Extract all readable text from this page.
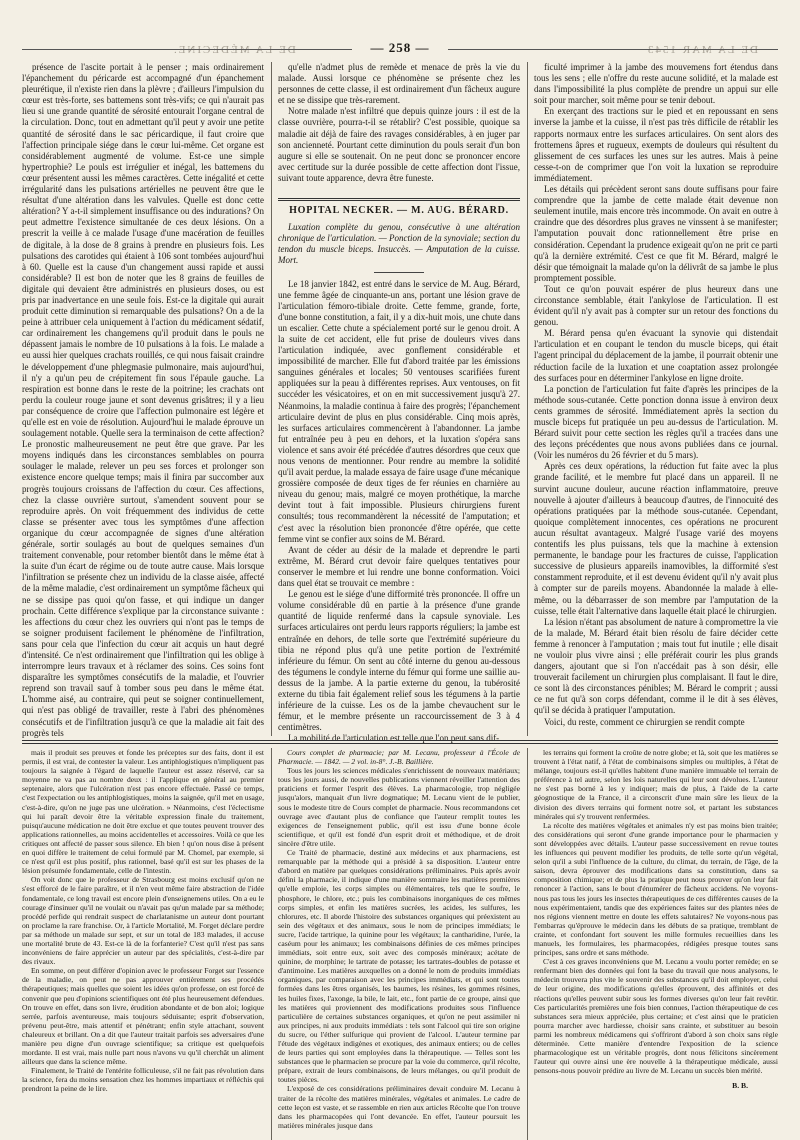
DE LA MÉDECINE.	DE LA MAR 1543
— 258 —

présence de l'ascite portait à le penser ; mais ordinairement l'épanchement du péricarde est accompagné d'un épanchement pleurétique, il n'existe rien dans la plèvre ; d'ailleurs l'impulsion du cœur est très-forte, ses battemens sont très-vifs; ce qui n'aurait pas lieu si une grande quantité de sérosité entourait l'organe central de la circulation. Donc, tout en admettant qu'il peut y avoir une petite quantité de sérosité dans le sac péricardique, il faut croire que l'affection principale siége dans le cœur lui-même. Cet organe est considérablement augmenté de volume. Est-ce une simple hypertrophie? Le pouls est irrégulier et inégal, les battemens du cœur présentent aussi les mêmes caractères. Cette inégalité et cette irrégularité dans les pulsations artérielles ne peuvent être que le résultat d'une altération dans les valvules. Quelle est donc cette altération? Y a-t-il simplement insuffisance ou des indurations? On peut admettre l'existence simultanée de ces deux lésions. On a prescrit la veille à ce malade l'usage d'une macération de feuilles de digitale, à la dose de 8 grains à prendre en plusieurs fois. Les pulsations des carotides qui étaient à 106 sont tombées aujourd'hui à 60. Quelle est la cause d'un changement aussi rapide et aussi considérable? Il est bon de noter que les 8 grains de feuilles de digitale qui devaient être administrés en plusieurs doses, ou est pris par inadvertance en une seule fois. Est-ce la digitale qui aurait produit cette diminution si remarquable des pulsations? On a de la peine à attribuer cela uniquement à l'action du médicament sédatif, car ordinairement les changemens qu'il produit dans le pouls ne dépassent jamais le nombre de 10 pulsations à la fois. Le malade a eu aussi hier quelques crachats rouillés, ce qui nous faisait craindre le développement d'une phlegmasie pulmonaire, mais aujourd'hui, il n'y a qu'un peu de crépitement fin sous l'épaule gauche. La respiration est bonne dans le reste de la poitrine; les crachats ont perdu la couleur rouge jaune et sont devenus grisâtres; il y a lieu par conséquence de croire que l'affection pulmonaire est légère et qu'elle est en voie de résolution. Aujourd'hui le malade éprouve un soulagement notable. Quelle sera la terminaison de cette affection? Le pronostic malheureusement ne peut être que grave. Par les moyens indiqués dans les circonstances semblables on pourra soulager le malade, relever un peu ses forces et prolonger son existence encore quelque temps; mais il finira par succomber aux progrès toujours croissans de l'affection du cœur. Ces affections, chez la classe ouvrière surtout, s'amendent souvent pour se reproduire après. On voit fréquemment des individus de cette classe se présenter avec tous les symptômes d'une affection organique du cœur accompagnée de signes d'une altération générale, sortir soulagés au bout de quelques semaines d'un traitement convenable, pour retomber bientôt dans le même état à la suite d'un écart de régime ou de toute autre cause. Mais lorsque l'infiltration se présente chez un individu de la classe aisée, affecté de la même maladie, c'est ordinairement un symptôme fâcheux qui ne se dissipe pas quoi qu'on fasse, et qui indique un danger prochain. Cette différence s'explique par la circonstance suivante : les affections du cœur chez les ouvriers qui n'ont pas le temps de se soigner produisent facilement le phénomène de l'infiltration, sans pour cela que l'infection du cœur ait acquis un haut degré d'intensité. Ce n'est ordinairement que l'infiltration qui les oblige à interrompre leurs travaux et à réclamer des soins. Ces soins font disparaître les symptômes consécutifs de la maladie, et l'ouvrier reprend son travail sauf à tomber sous peu dans le même état. L'homme aisé, au contraire, qui peut se soigner continuellement, qui n'est pas obligé de travailler, reste à l'abri des phénomènes consécutifs et de l'infiltration jusqu'à ce que la maladie ait fait des progrès tels

qu'elle n'admet plus de remède et menace de près la vie du malade. Aussi lorsque ce phénomène se présente chez les personnes de cette classe, il est ordinairement d'un fâcheux augure et ne se dissipe que très-rarement.

Notre malade n'est infiltré que depuis quinze jours : il est de la classe ouvrière, pourra-t-il se rétablir? C'est possible, quoique sa maladie ait déjà de faire des ravages considérables, à en juger par son ancienneté. Pourtant cette diminution du pouls serait d'un bon augure si elle se soutenait. On ne peut donc se prononcer encore avec certitude sur la durée possible de cette affection dont l'issue, suivant toute apparence, devra être funeste.

HOPITAL NECKER. — M. AUG. BÉRARD.

Luxation complète du genou, consécutive à une altération chronique de l'articulation. — Ponction de la synoviale; section du tendon du muscle biceps. Insuccès. — Amputation de la cuisse. Mort.

Le 18 janvier 1842, est entré dans le service de M. Aug. Bérard, une femme âgée de cinquante-un ans, portant une lésion grave de l'articulation fémoro-tibiale droite. Cette femme, grande, forte, d'une bonne constitution, a fait, il y a dix-huit mois, une chute dans un escalier. Cette chute a spécialement porté sur le genou droit. A la suite de cet accident, elle fut prise de douleurs vives dans l'articulation indiquée, avec gonflement considérable et impossibilité de marcher. Elle fut d'abord traitée par les émissions sanguines générales et locales; 50 ventouses scarifiées furent appliquées sur la peau à différentes reprises. Aux ventouses, on fit succéder les vésicatoires, et on en mit successivement jusqu'à 27. Néanmoins, la maladie continua à faire des progrès; l'épanchement articulaire devint de plus en plus considérable. Cinq mois après, les surfaces articulaires commencèrent à l'abandonner. La jambe fut entraînée peu à peu en dehors, et la luxation s'opéra sans violence et sans avoir été précédée d'autres désordres que ceux que nous venons de mentionner. Pour rendre au membre la solidité qu'il avait perdue, la malade essaya de faire usage d'une mécanique grossière composée de deux tiges de fer réunies en charnière au niveau du genou; mais, malgré ce moyen prothétique, la marche devint tout à fait impossible. Plusieurs chirurgiens furent consultés; tous recommandèrent la nécessité de l'amputation; et c'est avec la résolution bien prononcée d'être opérée, que cette femme vint se confier aux soins de M. Bérard.

Avant de céder au désir de la malade et deprendre le parti extrême, M. Bérard crut devoir faire quelques tentatives pour conserver le membre et lui rendre une bonne conformation. Voici dans quel état se trouvait ce membre :

Le genou est le siége d'une difformité très prononcée. Il offre un volume considérable dû en partie à la présence d'une grande quantité de liquide renfermé dans la capsule synoviale. Les surfaces articulaires ont perdu leurs rapports réguliers; la jambe est entraînée en dehors, de telle sorte que l'extrémité supérieure du tibia ne répond plus qu'à une petite portion de l'extrémité inférieure du fémur. On sent au côté interne du genou au-dessous des tégumens le condyle interne du fémur qui forme une saillie au-dessus de la jambe. A la partie externe du genou, la tubérosité externe du tibia fait également relief sous les tégumens à la partie inférieure de la cuisse. Les os de la jambe chevauchent sur le fémur, et le membre présente un raccourcissement de 3 à 4 centimètres.

La mobilité de l'articulation est telle que l'on peut sans dif-

ficulté imprimer à la jambe des mouvemens fort étendus dans tous les sens ; elle n'offre du reste aucune solidité, et la malade est dans l'impossibilité la plus complète de prendre un appui sur elle soit pour marcher, soit même pour se tenir debout.

En exerçant des tractions sur le pied et en repoussant en sens inverse la jambe et la cuisse, il n'est pas très difficile de rétablir les rapports normaux entre les surfaces articulaires. On sent alors des frottemens âpres et rugueux, exempts de douleurs qui résultent du glissement de ces surfaces les unes sur les autres. Mais à peine cesse-t-on de comprimer que l'on voit la luxation se reproduire immédiatement.

Les détails qui précèdent seront sans doute suffisans pour faire comprendre que la jambe de cette malade était devenue non seulement inutile, mais encore très incommode. On avait en outre à craindre que des désordres plus graves ne vinssent à se manifester; l'amputation pouvait donc rationnellement être prise en considération. Cependant la prudence exigeait qu'on ne prit ce parti qu'à la dernière extrémité. C'est ce que fit M. Bérard, malgré le désir que témoignait la malade qu'on la délivrât de sa jambe le plus promptement possible.

Tout ce qu'on pouvait espérer de plus heureux dans une circonstance semblable, était l'ankylose de l'articulation. Il est évident qu'il n'y avait pas à compter sur un retour des fonctions du genou.

M. Bérard pensa qu'en évacuant la synovie qui distendait l'articulation et en coupant le tendon du muscle biceps, qui était l'agent principal du déplacement de la jambe, il pourrait obtenir une réduction facile de la luxation et une coaptation assez prolongée des surfaces pour en déterminer l'ankylose en ligne droite.

La ponction de l'articulation fut faite d'après les principes de la méthode sous-cutanée. Cette ponction donna issue à environ deux cents grammes de sérosité. Immédiatement après la section du muscle biceps fut pratiquée un peu au-dessus de l'articulation. M. Bérard suivit pour cette section les règles qu'il a tracées dans une des leçons précédentes que nous avons publiées dans ce journal. (Voir les numéros du 26 février et du 5 mars).

Après ces deux opérations, la réduction fut faite avec la plus grande facilité, et le membre fut placé dans un appareil. Il ne survint aucune douleur, aucune réaction inflammatoire, preuve nouvelle à ajouter d'ailleurs à beaucoup d'autres, de l'innocuité des opérations pratiquées par la méthode sous-cutanée. Cependant, quoique complètement innocentes, ces opérations ne procurent aucun résultat avantageux. Malgré l'usage varié des moyens contentifs les plus puissans, tels que la machine à extension permanente, le bandage pour les fractures de cuisse, l'application successive de plusieurs appareils inamovibles, la difformité s'est constamment reproduite, et il est devenu évident qu'il n'y avait plus à compter sur de pareils moyens. Abandonnée la malade à elle-même, ou la débarrasser de son membre par l'amputation de la cuisse, telle était l'alternative dans laquelle était placé le chirurgien.

La lésion n'étant pas absolument de nature à compromettre la vie de la malade, M. Bérard était bien résolu de faire décider cette femme à renoncer à l'amputation ; mais tout fut inutile ; elle disait ne vouloir plus vivre ainsi ; elle préférait courir les plus grands dangers, ajoutant que si l'on n'accédait pas à son désir, elle trouverait facilement un chirurgien plus complaisant. Il faut le dire, ce sont là des circonstances pénibles; M. Bérard le comprit ; aussi ce ne fut qu'à son corps défendant, comme il le dit à ses élèves, qu'il se décida à pratiquer l'amputation.

Voici, du reste, comment ce chirurgien se rendit compte

mais il produit ses preuves et fonde les préceptes sur des faits, dont il est permis, il est vrai, de contester la valeur. Les antiphlogistiques n'impliquent pas toujours la saignée à l'égard de laquelle l'auteur est assez réservé, car sa moyenne ne va pas au nombre deux : il l'applique en général au premier septenaire, alors que l'ulcération n'est pas encore effectuée. Passé ce temps, c'est l'expectation ou les antiphlogistiques, moins la saignée, qu'il met en usage, c'est-à-dire, qu'on ne juge pas une ulcération. » Néanmoins, c'est l'éclectisme qui lui paraît devoir être la véritable expression finale du traitement, puisqu'aucune médication ne doit être exclue et que toutes peuvent trouver des applications rationnelles, au moins accidentelles et accessoires. Voilà ce que les critiques ont affecté de passer sous silence. Eh bien ! qu'on nous dise à présent en quoi diffère le traitement de celui formulé par M. Chomel, par exemple, si ce n'est qu'il est plus positif, plus rationnel, basé qu'il est sur les phases de la lésion présumée fondamentale, celle de l'intestin.

On voit donc que le professeur de Strasbourg est moins exclusif qu'on ne s'est efforcé de le faire paraître, et il n'en veut même faire abstraction de l'idée fondamentale, ce long travail est encore plein d'enseignemens utiles. On a eu le courage d'insinuer qu'il ne voulait ou n'avait pas qu'un malade par sa méthode; procédé perfide qui rendrait suspect de charlatanisme un auteur dont pourtant on proclame la rare franchise. Or, à l'article Mortalité, M. Forget déclare perdre par sa méthode un malade sur sept, et sur un total de 183 malades, il accuse une mortalité brute de 43. Est-ce là de la forfanterie? C'est qu'il n'est pas sans inconvéniens de faire apprécier un auteur par des spécialités, c'est-à-dire par des rivaux.

En somme, on peut différer d'opinion avec le professeur Forget sur l'essence de la maladie, on peut ne pas approuver entièrement ses procédés thérapeutiques; mais quelles que soient les idées qu'on professe, on est forcé de convenir que peu d'opinions scientifiques ont été plus heureusement défendues. On trouve en effet, dans son livre, érudition abondante et de bon aloi; logique serrée, parfois aventureuse, mais toujours séduisante; esprit d'observation, prévenu peut-être, mais attentif et pénétrant; enfin style attachant, souvent chaleureux et brillant. On a dit que l'auteur traitait parfois ses adversaires d'une manière peu digne d'un ouvrage scientifique; sa critique est quelquefois mordante. Il est vrai, mais nulle part nous n'avons vu qu'il cherchât un aliment ailleurs que dans la science même.

Finalement, le Traité de l'entérite folliculeuse, s'il ne fait pas révolution dans la science, fera du moins sensation chez les hommes impartiaux et réfléchis qui prendront la peine de le lire.

Cours complet de pharmacie; par M. Lecanu, professeur à l'École de Pharmacie. — 1842. — 2 vol. in-8°. J.-B. Baillière.

Tous les jours les sciences médicales s'enrichissent de nouveaux matériaux; tous les jours aussi, de nouvelles publications viennent réveiller l'attention des praticiens et former l'esprit des élèves. La pharmacologie, trop négligée jusqu'alors, manquait d'un livre dogmatique; M. Lecanu vient de le publier, sous le modeste titre de Cours complet de pharmacie. Nous recommandons cet ouvrage avec d'autant plus de confiance que l'auteur remplit toutes les exigences de l'enseignement public, qu'il est issu d'une bonne école scientifique, et qu'il est fondé d'un esprit droit et méthodique, et de droit sincère d'être utile.

Ce Traité de pharmacie, destiné aux médecins et aux pharmaciens, est remarquable par la méthode qui a présidé à sa disposition. L'auteur entre d'abord en matière par quelques considérations préliminaires. Puis après avoir défini la pharmacie, il indique d'une manière sommaire les matières premières qu'elle emploie, les corps simples ou élémentaires, tels que le soufre, le phosphore, le chlore, etc.; puis les combinaisons inorganiques de ces mêmes corps simples, et enfin les matières sucrées, les acides, les sulfures, les chlorures, etc. Il aborde l'histoire des substances organiques qui préexistent au sein des végétaux et des animaux, sous le nom de principes immédiats; le sucre, l'acide tartrique, la quinine pour les végétaux; la cantharidine, l'urée, la caséum pour les animaux; les combinaisons définies de ces mêmes principes immédiats, soit entre eux, soit avec des composés minéraux; acétate de quinine, de morphine; le tartrate de potasse; les tartrates-doubles de potasse et d'antimoine. Les matières auxquelles on a donné le nom de produits immédiats organiques, par comparaison avec les principes immédiats, et qui sont toutes formées dans les êtres organisés, les baumes, les résines, les gommes résines, les huiles fixes, l'axonge, la bile, le lait, etc., font partie de ce groupe, ainsi que les matières qui proviennent des modifications produites sous l'influence particulière de certaines substances organiques, et qu'on ne peut assimiler ni aux principes, ni aux produits immédiats : tels sont l'alcool qui tire son origine du sucre, ou l'éther sulfurique qui provient de l'alcool. L'auteur termine par l'étude des végétaux indigènes et exotiques, des animaux entiers; ou de celles de leurs parties qui sont employées dans la thérapeutique. — Telles sont les substances que le pharmacien se procure par la voie du commerce, qu'il récolte, prépare, extrait de leurs combinaisons, de leurs mélanges, ou qu'il produit de toutes pièces.

L'exposé de ces considérations préliminaires devait conduire M. Lecanu à traiter de la récolte des matières minérales, végétales et animales. Le cadre de cette leçon est vaste, et se rassemble en rien aux articles Récolte que l'on trouve dans les pharmacopées qui l'ont devancée. En effet, l'auteur poursuit les matières minérales jusque dans

les terrains qui forment la croûte de notre globe; et là, soit que les matières se trouvent à l'état natif, à l'état de combinaisons simples ou multiples, à l'état de mélange, toujours est-il qu'elles habitent d'une manière immuable tel terrain de préférence à tel autre, selon les lois naturelles qui leur sont dévolues. L'auteur ne s'est pas borné à les y indiquer; mais de plus, à l'aide de la carte géognostique de la France, il a circonscrit d'une main sûre les lieux de la division des divers terrains qui forment notre sol, et partant les substances minérales qui s'y trouvent renfermées.

La récolte des matières végétales et animales n'y est pas moins bien traitée; des considérations qui seront d'une grande importance pour le pharmacien y sont développées avec détails. L'auteur passe successivement en revue toutes les influences qui peuvent modifier les produits, de telle sorte qu'un végétal, selon qu'il a subi l'influence de la culture, du climat, du terrain, de l'âge, de la saison, devra éprouver des modifications dans sa constitution, dans sa composition chimique; et de plus la pratique peut nous prouver qu'on leur fait renoncer à l'action, sans le bout d'énumérer de fâcheux accidens. Ne voyons-nous pas tous les jours les insectes thérapeutiques de ces différentes causes de la nous expérimentaient, tandis que des expériences faites sur des plantes nées de nos régions viennent mettre en doute les effets salutaires? Ne voyons-nous pas l'embarras qu'éprouve le médecin dans les débuts de sa pratique, tremblant de crainte, et confondant fort souvent les mille formules recueillies dans les manuels, les formulaires, les pharmacopées, rédigées presque toutes sans principes, sans ordre et sans méthode.

C'est à ces graves inconvéniens que M. Lecanu a voulu porter remède; en se renfermant bien des données qui font la base du travail que nous analysons, le médecin trouvera plus vite le souvenir des substances qu'il doit employer, celui de leur origine, des modifications qu'elles éprouvent, des affinités et des réactions qu'elles peuvent subir sous les formes diverses qu'on leur fait revêtir. Ces particularités premières une fois bien connues, l'action thérapeutique de ces substances sera mieux appréciée, plus certaine; et c'est ainsi que le praticien pourra marcher avec hardiesse, choisir sans crainte, et substituer au besoin parmi les nombreux médicamens qui s'offriront d'abord à son choix sans règle déterminée. Cette manière d'entendre l'exposition de la science pharmacologique est un véritable progrès, dont nous félicitons sincèrement l'auteur qui ouvre ainsi une ère nouvelle à la thérapeutique médicale, aussi pensons-nous pouvoir prédire au livre de M. Lecanu un succès bien mérité.

B. B.
